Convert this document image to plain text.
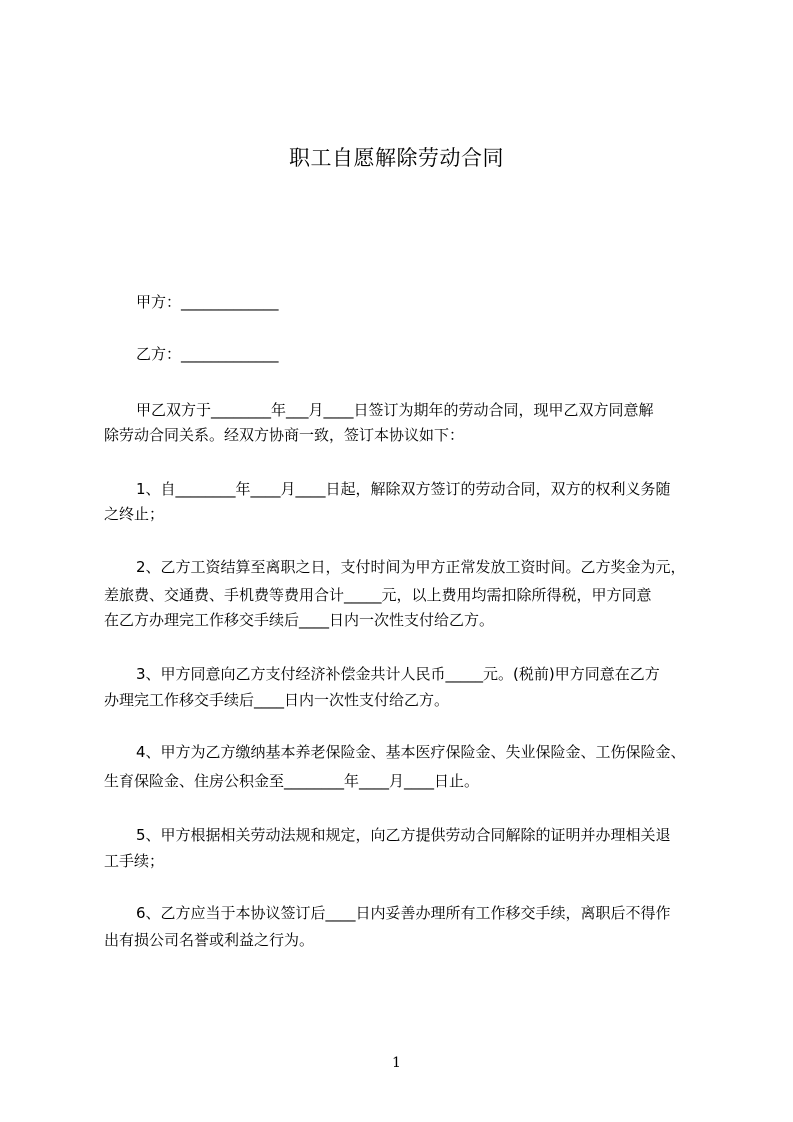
职工自愿解除劳动合同
甲方：_____________
乙方：_____________
甲乙双方于________年___月____日签订为期年的劳动合同，现甲乙双方同意解
除劳动合同关系。经双方协商一致，签订本协议如下：
1、自________年____月____日起，解除双方签订的劳动合同，双方的权利义务随
之终止；
2、乙方工资结算至离职之日，支付时间为甲方正常发放工资时间。乙方奖金为元，
差旅费、交通费、手机费等费用合计_____元，以上费用均需扣除所得税，甲方同意
在乙方办理完工作移交手续后____日内一次性支付给乙方。
3、甲方同意向乙方支付经济补偿金共计人民币_____元。(税前)甲方同意在乙方
办理完工作移交手续后____日内一次性支付给乙方。
4、甲方为乙方缴纳基本养老保险金、基本医疗保险金、失业保险金、工伤保险金、
生育保险金、住房公积金至________年____月____日止。
5、甲方根据相关劳动法规和规定，向乙方提供劳动合同解除的证明并办理相关退
工手续；
6、乙方应当于本协议签订后____日内妥善办理所有工作移交手续，离职后不得作
出有损公司名誉或利益之行为。
1
